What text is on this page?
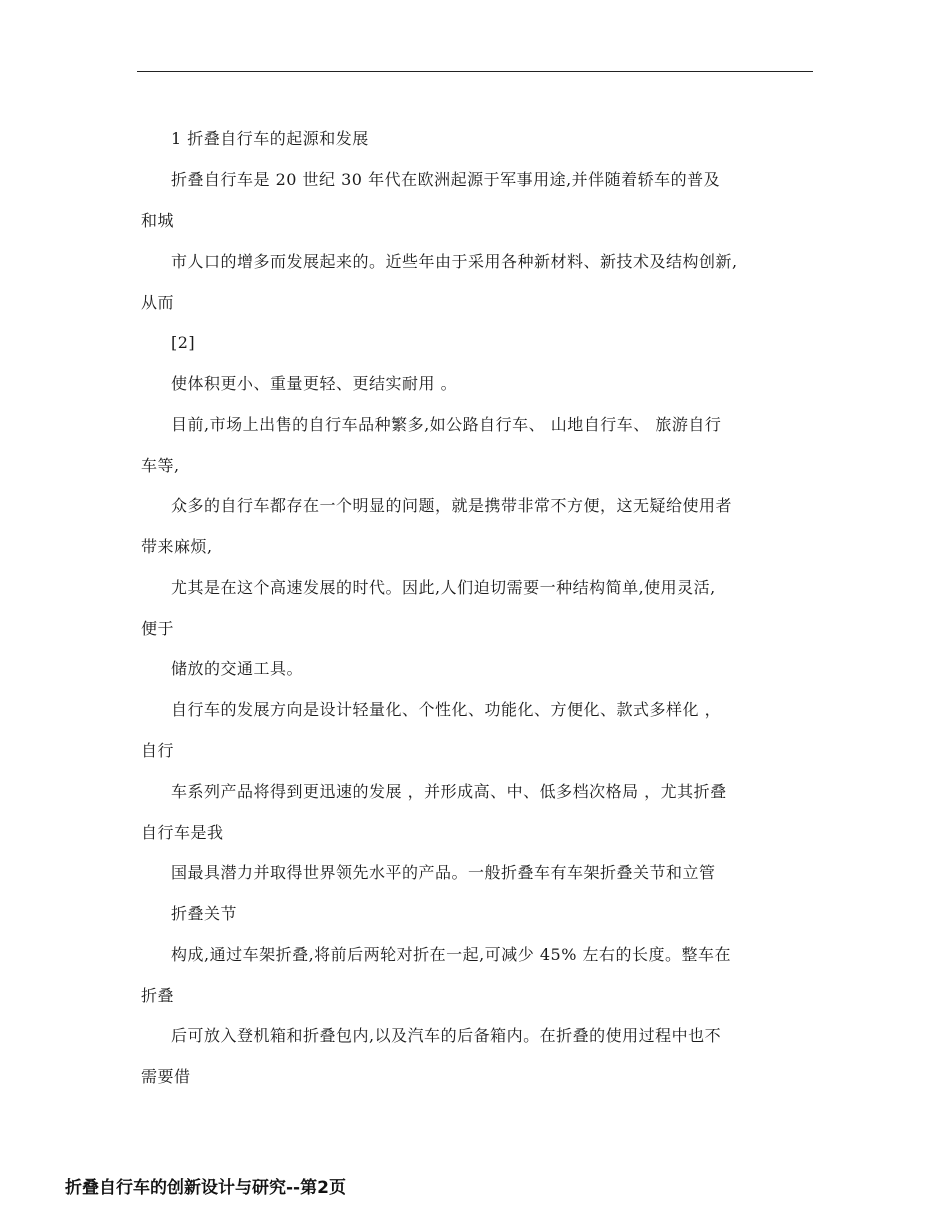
1 折叠自行车的起源和发展
折叠自行车是 20 世纪 30 年代在欧洲起源于军事用途,并伴随着轿车的普及
和城
市人口的增多而发展起来的。近些年由于采用各种新材料、新技术及结构创新,
从而
[2]
使体积更小、重量更轻、更结实耐用 。
目前,市场上出售的自行车品种繁多,如公路自行车、 山地自行车、 旅游自行
车等,
众多的自行车都存在一个明显的问题，就是携带非常不方便，这无疑给使用者
带来麻烦,
尤其是在这个高速发展的时代。因此,人们迫切需要一种结构简单,使用灵活,
便于
储放的交通工具。
自行车的发展方向是设计轻量化、个性化、功能化、方便化、款式多样化 ，
自行
车系列产品将得到更迅速的发展 ，并形成高、中、低多档次格局 ，尤其折叠
自行车是我
国最具潜力并取得世界领先水平的产品。一般折叠车有车架折叠关节和立管
折叠关节
构成,通过车架折叠,将前后两轮对折在一起,可减少 45% 左右的长度。整车在
折叠
后可放入登机箱和折叠包内,以及汽车的后备箱内。在折叠的使用过程中也不
需要借
折叠自行车的创新设计与研究--第2页
